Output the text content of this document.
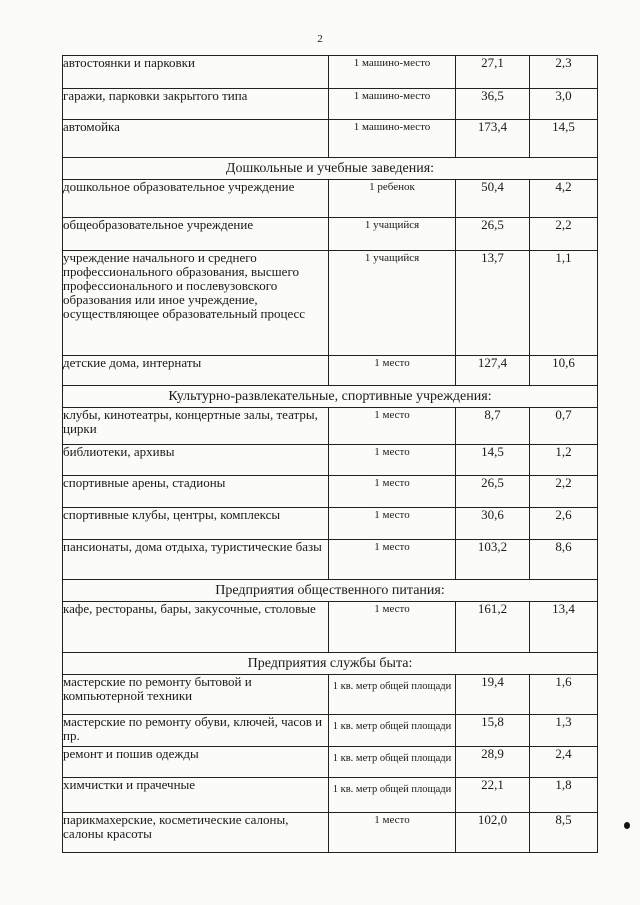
2
автостоянки и парковки	1 машино-место	27,1	2,3
гаражи, парковки закрытого типа	1 машино-место	36,5	3,0
автомойка	1 машино-место	173,4	14,5
Дошкольные и учебные заведения:			
дошкольное образовательное учреждение	1 ребенок	50,4	4,2
общеобразовательное учреждение	1 учащийся	26,5	2,2
учреждение начального и среднего профессионального образования, высшего профессионального и послевузовского образования или иное учреждение, осуществляющее образовательный процесс	1 учащийся	13,7	1,1
детские дома, интернаты	1 место	127,4	10,6
Культурно-развлекательные, спортивные учреждения:			
клубы, кинотеатры, концертные залы, театры, цирки	1 место	8,7	0,7
библиотеки, архивы	1 место	14,5	1,2
спортивные арены, стадионы	1 место	26,5	2,2
спортивные клубы, центры, комплексы	1 место	30,6	2,6
пансионаты, дома отдыха, туристические базы	1 место	103,2	8,6
Предприятия общественного питания:			
кафе, рестораны, бары, закусочные, столовые	1 место	161,2	13,4
Предприятия службы быта:			
мастерские по ремонту бытовой и компьютерной техники	1 кв. метр общей площади	19,4	1,6
мастерские по ремонту обуви, ключей, часов и пр.	1 кв. метр общей площади	15,8	1,3
ремонт и пошив одежды	1 кв. метр общей площади	28,9	2,4
химчистки и прачечные	1 кв. метр общей площади	22,1	1,8
парикмахерские, косметические салоны, салоны красоты	1 место	102,0	8,5
